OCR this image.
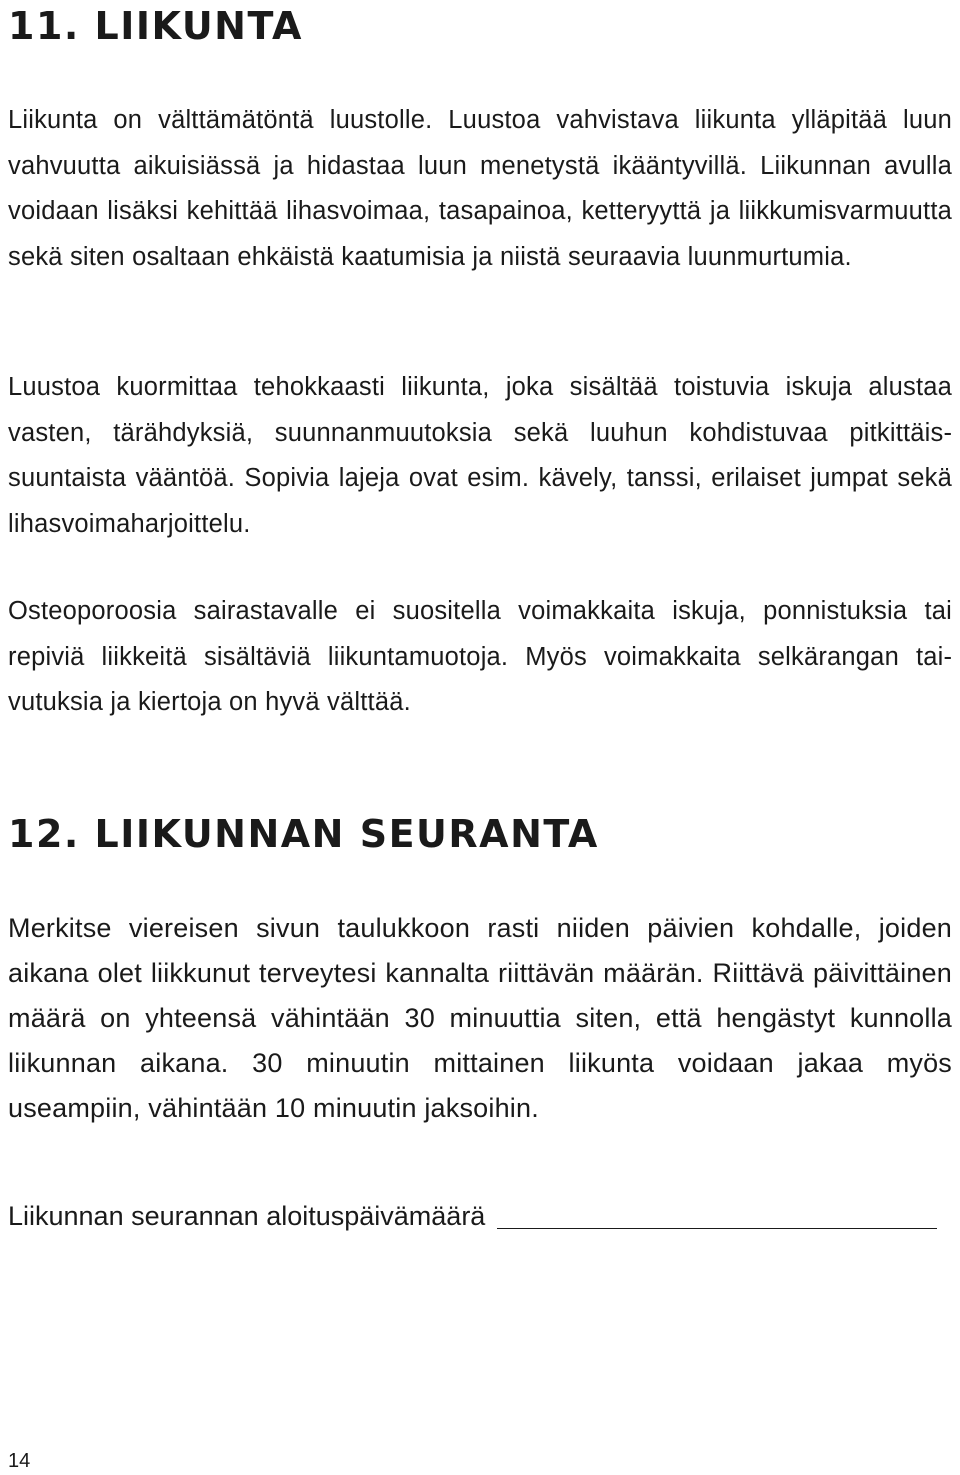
11. LIIKUNTA

Liikunta on välttämätöntä luustolle. Luustoa vahvistava liikunta ylläpitää luun vahvuutta aikuisiässä ja hidastaa luun menetystä ikääntyvillä. Liikunnan avulla voidaan lisäksi kehittää lihasvoimaa, tasapainoa, ketteryyttä ja liikkumisvarmuutta sekä siten osaltaan ehkäistä kaatumisia ja niistä seuraavia luunmurtumia.

Luustoa kuormittaa tehokkaasti liikunta, joka sisältää toistuvia iskuja alustaa vasten, tärähdyksiä, suunnanmuutoksia sekä luuhun kohdistuvaa pitkittäissuuntaista vääntöä. Sopivia lajeja ovat esim. kävely, tanssi, erilaiset jumpat sekä lihasvoimaharjoittelu.

Osteoporoosia sairastavalle ei suositella voimakkaita iskuja, ponnistuksia tai repiviä liikkeitä sisältäviä liikuntamuotoja. Myös voimakkaita selkärangan taivutuksia ja kiertoja on hyvä välttää.

12. LIIKUNNAN SEURANTA

Merkitse viereisen sivun taulukkoon rasti niiden päivien kohdalle, joiden aikana olet liikkunut terveytesi kannalta riittävän määrän. Riittävä päivittäinen määrä on yhteensä vähintään 30 minuuttia siten, että hengästyt kunnolla liikunnan aikana. 30 minuutin mittainen liikunta voidaan jakaa myös useampiin, vähintään 10 minuutin jaksoihin.

Liikunnan seurannan aloituspäivämäärä
14
